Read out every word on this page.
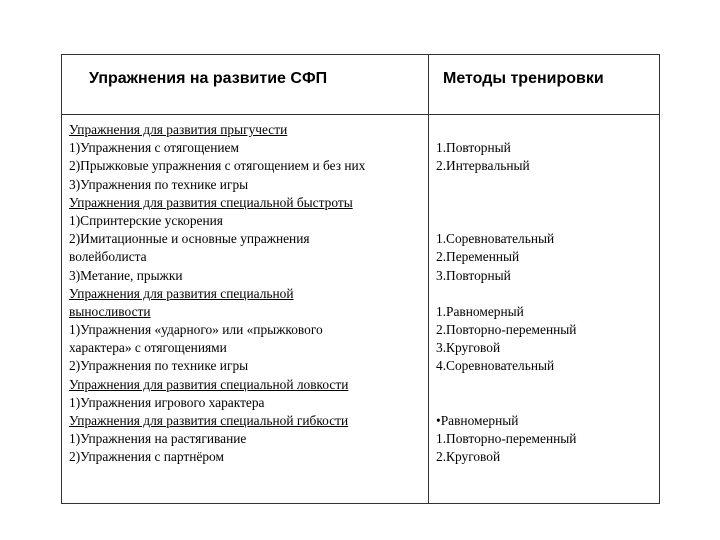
Упражнения на развитие СФП	Методы тренировки
Упражнения для развития прыгучести
1)Упражнения с отягощением
2)Прыжковые упражнения с отягощением и без них
3)Упражнения по технике игры
Упражнения для развития специальной быстроты
1)Спринтерские ускорения
2)Имитационные и основные упражнения
волейболиста
3)Метание, прыжки
Упражнения для развития специальной
выносливости
1)Упражнения «ударного» или «прыжкового
характера» с отягощениями
2)Упражнения по технике игры
Упражнения для развития специальной ловкости
1)Упражнения игрового характера
Упражнения для развития специальной гибкости
1)Упражнения на растягивание
2)Упражнения с партнёром
1.Повторный
2.Интервальный
1.Соревновательный
2.Переменный
3.Повторный
1.Равномерный
2.Повторно-переменный
3.Круговой
4.Соревновательный
•Равномерный
1.Повторно-переменный
2.Круговой
